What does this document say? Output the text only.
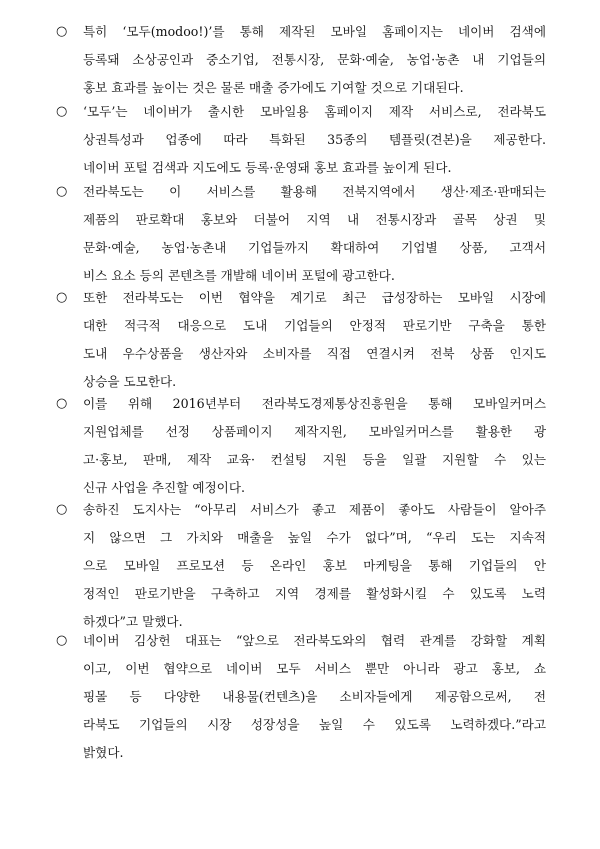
○ 특히 ‘모두(modoo!)’를 통해 제작된 모바일 홈페이지는 네이버 검색에
등록돼 소상공인과 중소기업, 전통시장, 문화·예술, 농업·농촌 내 기업들의
홍보 효과를 높이는 것은 물론 매출 증가에도 기여할 것으로 기대된다.
○ ‘모두’는 네이버가 출시한 모바일용 홈페이지 제작 서비스로, 전라북도
상권특성과 업종에 따라 특화된 35종의 템플릿(견본)을 제공한다.
네이버 포털 검색과 지도에도 등록·운영돼 홍보 효과를 높이게 된다.
○ 전라북도는 이 서비스를 활용해 전북지역에서 생산·제조·판매되는
제품의 판로확대 홍보와 더불어 지역 내 전통시장과 골목 상권 및
문화·예술, 농업·농촌내 기업들까지 확대하여 기업별 상품, 고객서
비스 요소 등의 콘텐츠를 개발해 네이버 포털에 광고한다.
○ 또한 전라북도는 이번 협약을 계기로 최근 급성장하는 모바일 시장에
대한 적극적 대응으로 도내 기업들의 안정적 판로기반 구축을 통한
도내 우수상품을 생산자와 소비자를 직접 연결시켜 전북 상품 인지도
상승을 도모한다.
○ 이를 위해 2016년부터 전라북도경제통상진흥원을 통해 모바일커머스
지원업체를 선정 상품페이지 제작지원, 모바일커머스를 활용한 광
고·홍보, 판매, 제작 교육· 컨설팅 지원 등을 일괄 지원할 수 있는
신규 사업을 추진할 예정이다.
○ 송하진 도지사는 “아무리 서비스가 좋고 제품이 좋아도 사람들이 알아주
지 않으면 그 가치와 매출을 높일 수가 없다”며, “우리 도는 지속적
으로 모바일 프로모션 등 온라인 홍보 마케팅을 통해 기업들의 안
정적인 판로기반을 구축하고 지역 경제를 활성화시킬 수 있도록 노력
하겠다”고 말했다.
○ 네이버 김상헌 대표는 “앞으로 전라북도와의 협력 관계를 강화할 계획
이고, 이번 협약으로 네이버 모두 서비스 뿐만 아니라 광고 홍보, 쇼
핑몰 등 다양한 내용물(컨텐츠)을 소비자들에게 제공함으로써, 전
라북도 기업들의 시장 성장성을 높일 수 있도록 노력하겠다.”라고
밝혔다.
